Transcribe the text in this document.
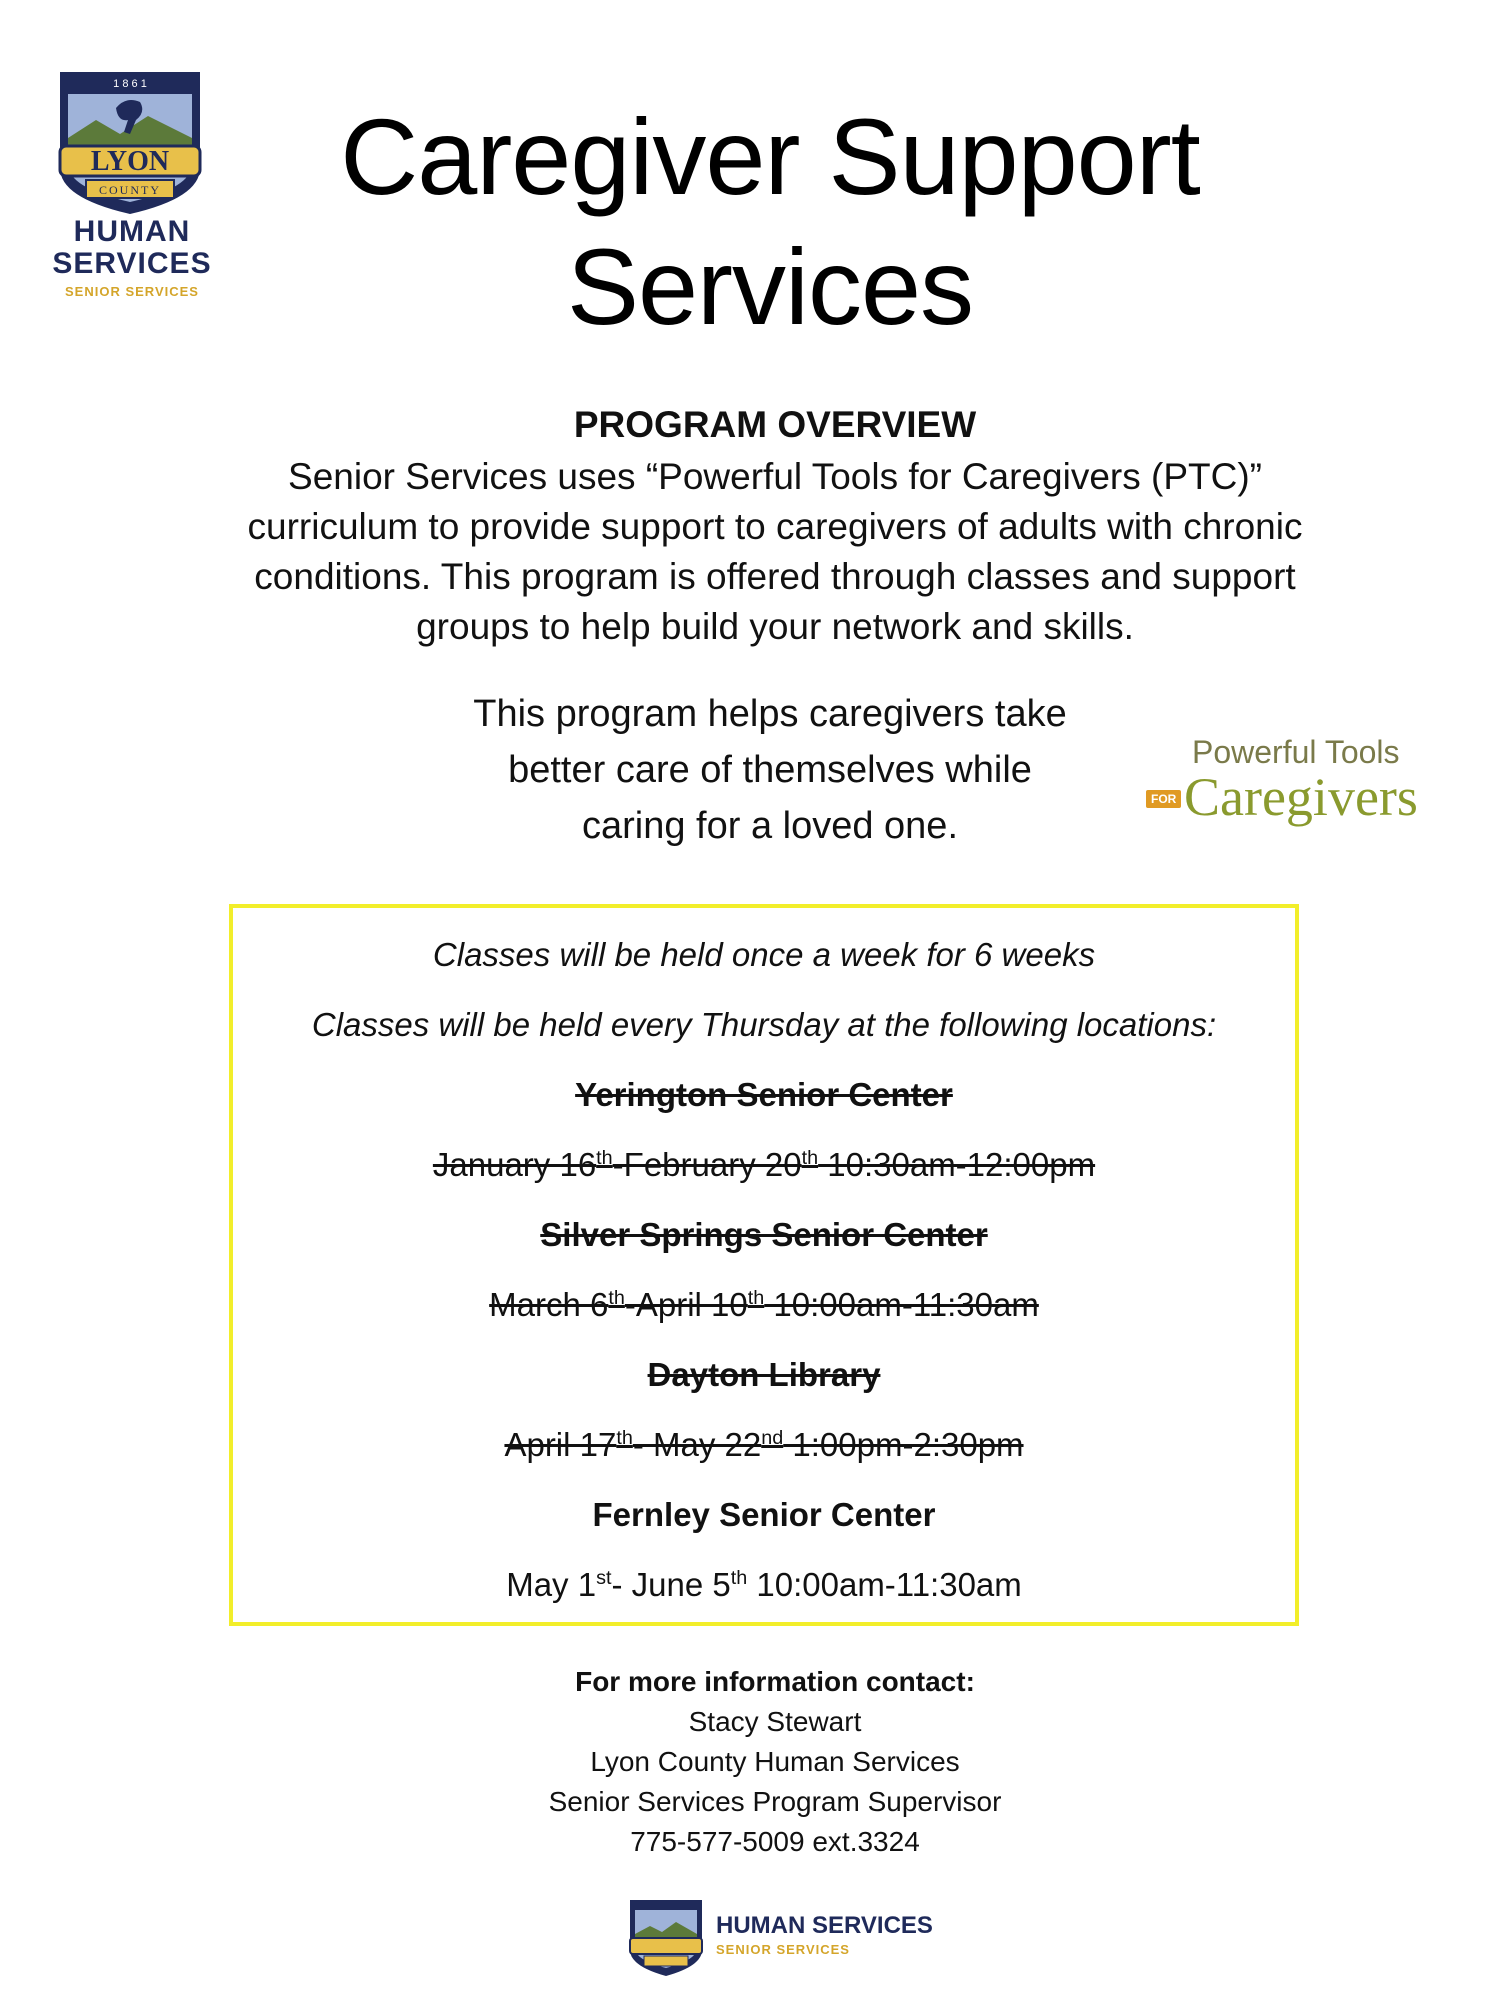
LYON
COUNTY
1 8 6 1
HUMAN
SERVICES
SENIOR SERVICES
Caregiver Support
Services
PROGRAM OVERVIEW
Senior Services uses “Powerful Tools for Caregivers (PTC)”
curriculum to provide support to caregivers of adults with chronic
conditions. This program is offered through classes and support
groups to help build your network and skills.
This program helps caregivers take
better care of themselves while
caring for a loved one.
Powerful Tools
FOR Caregivers
Classes will be held once a week for 6 weeks
Classes will be held every Thursday at the following locations:
Yerington Senior Center
January 16th-February 20th 10:30am-12:00pm
Silver Springs Senior Center
March 6th-April 10th 10:00am-11:30am
Dayton Library
April 17th- May 22nd 1:00pm-2:30pm
Fernley Senior Center
May 1st- June 5th 10:00am-11:30am
For more information contact:
Stacy Stewart
Lyon County Human Services
Senior Services Program Supervisor
775-577-5009 ext.3324
HUMAN SERVICES
SENIOR SERVICES
